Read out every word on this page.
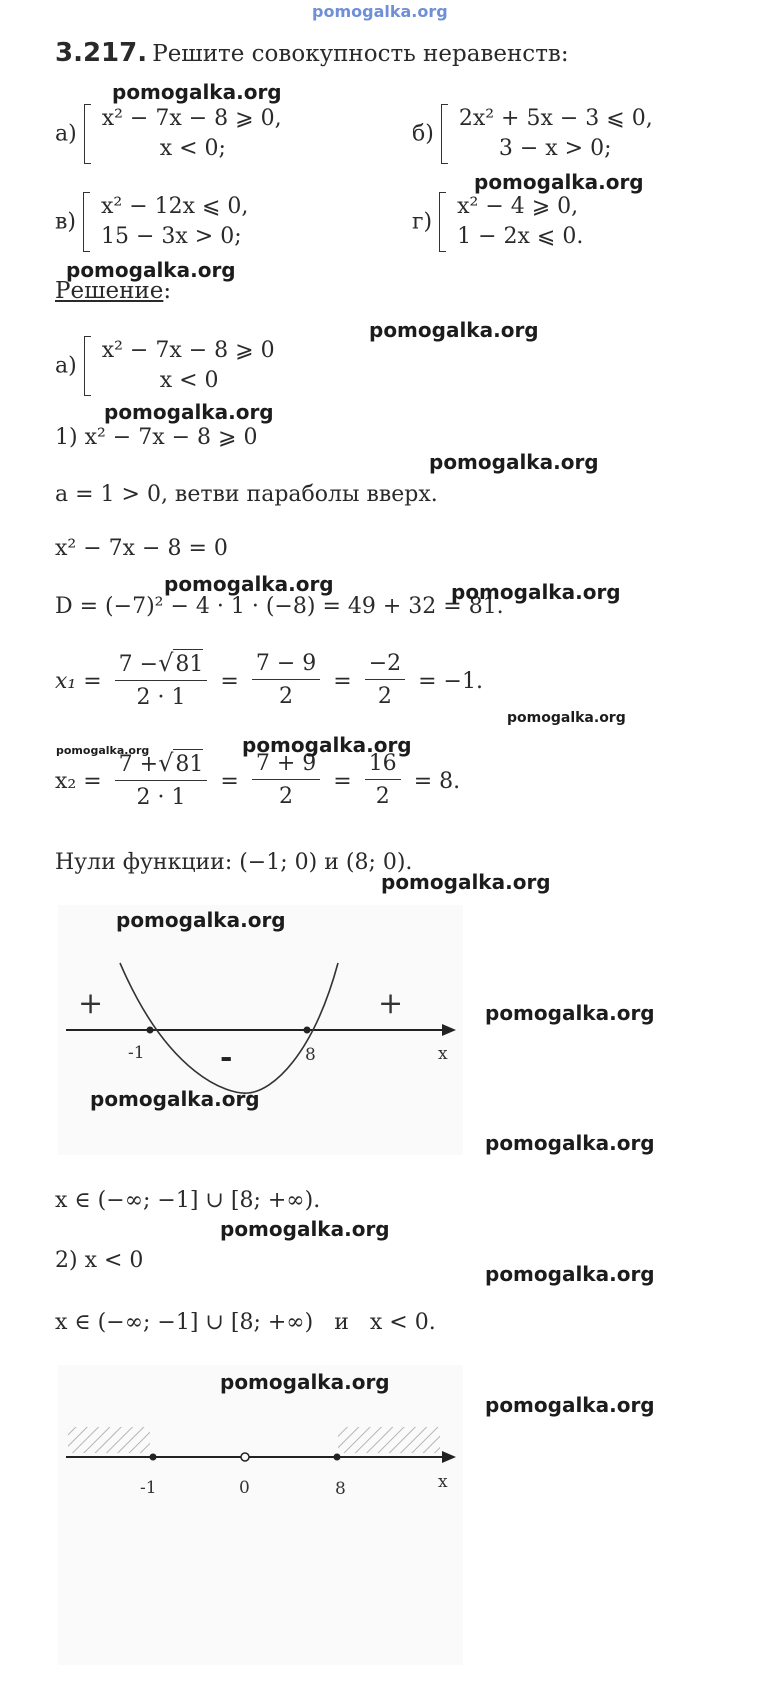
pomogalka.org
3.217. Решите совокупность неравенств:
а)
x² − 7x − 8 ⩾ 0,
x < 0;
б)
2x² + 5x − 3 ⩽ 0,
3 − x > 0;
в)
x² − 12x ⩽ 0,
15 − 3x > 0;
г)
x² − 4 ⩾ 0,
1 − 2x ⩽ 0.
Решение:
а)
x² − 7x − 8 ⩾ 0
x < 0
1) x² − 7x − 8 ⩾ 0
a = 1 > 0, ветви параболы вверх.
x² − 7x − 8 = 0
D = (−7)² − 4 · 1 · (−8) = 49 + 32 = 81.
$x_1 = \frac{7 -√81}{2 \cdot 1} = \frac{7 - 9}{2} = \frac{-2}{2} = -1$.
$x_2 = \frac{7 +√81}{2 \cdot 1} = \frac{7 + 9}{2} = \frac{16}{2} = 8$.
Нули функции: (−1; 0) и (8; 0).
+	+
-
-1	8	x
x ∈ (−∞; −1] ∪ [8; +∞).
2) x < 0
x ∈ (−∞; −1] ∪ [8; +∞) и x < 0.
-1	0	8	x
pomogalka.org
pomogalka.org
pomogalka.org
pomogalka.org
pomogalka.org
pomogalka.org
pomogalka.org	pomogalka.org
pomogalka.org
pomogalka.org	pomogalka.org
pomogalka.org
pomogalka.org
pomogalka.org
pomogalka.org
pomogalka.org
pomogalka.org
pomogalka.org
pomogalka.org
pomogalka.org
